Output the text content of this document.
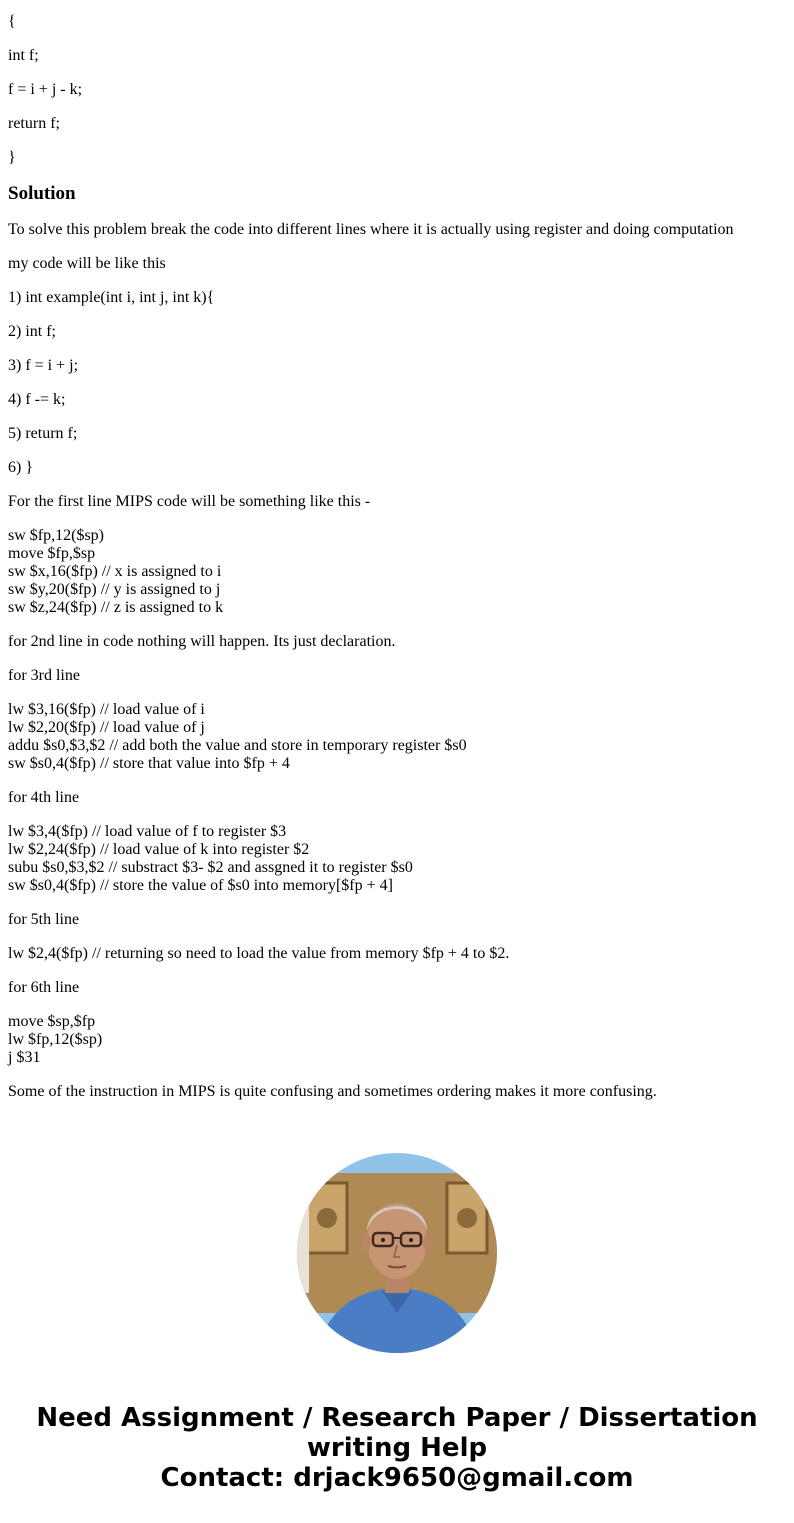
{

int f;

f = i + j - k;

return f;

}

Solution

To solve this problem break the code into different lines where it is actually using register and doing computation

my code will be like this

1) int example(int i, int j, int k){

2) int f;

3) f = i + j;

4) f -= k;

5) return f;

6) }

For the first line MIPS code will be something like this -

sw $fp,12($sp)
move $fp,$sp
sw $x,16($fp) // x is assigned to i
sw $y,20($fp) // y is assigned to j
sw $z,24($fp) // z is assigned to k

for 2nd line in code nothing will happen. Its just declaration.

for 3rd line

lw $3,16($fp) // load value of i
lw $2,20($fp) // load value of j
addu $s0,$3,$2 // add both the value and store in temporary register $s0
sw $s0,4($fp) // store that value into $fp + 4

for 4th line

lw $3,4($fp) // load value of f to register $3
lw $2,24($fp) // load value of k into register $2
subu $s0,$3,$2 // substract $3- $2 and assgned it to register $s0
sw $s0,4($fp) // store the value of $s0 into memory[$fp + 4]

for 5th line

lw $2,4($fp) // returning so need to load the value from memory $fp + 4 to $2.

for 6th line

move $sp,$fp
lw $fp,12($sp)
j $31

Some of the instruction in MIPS is quite confusing and sometimes ordering makes it more confusing.

Need Assignment / Research Paper / Dissertation
writing Help
Contact: drjack9650@gmail.com
